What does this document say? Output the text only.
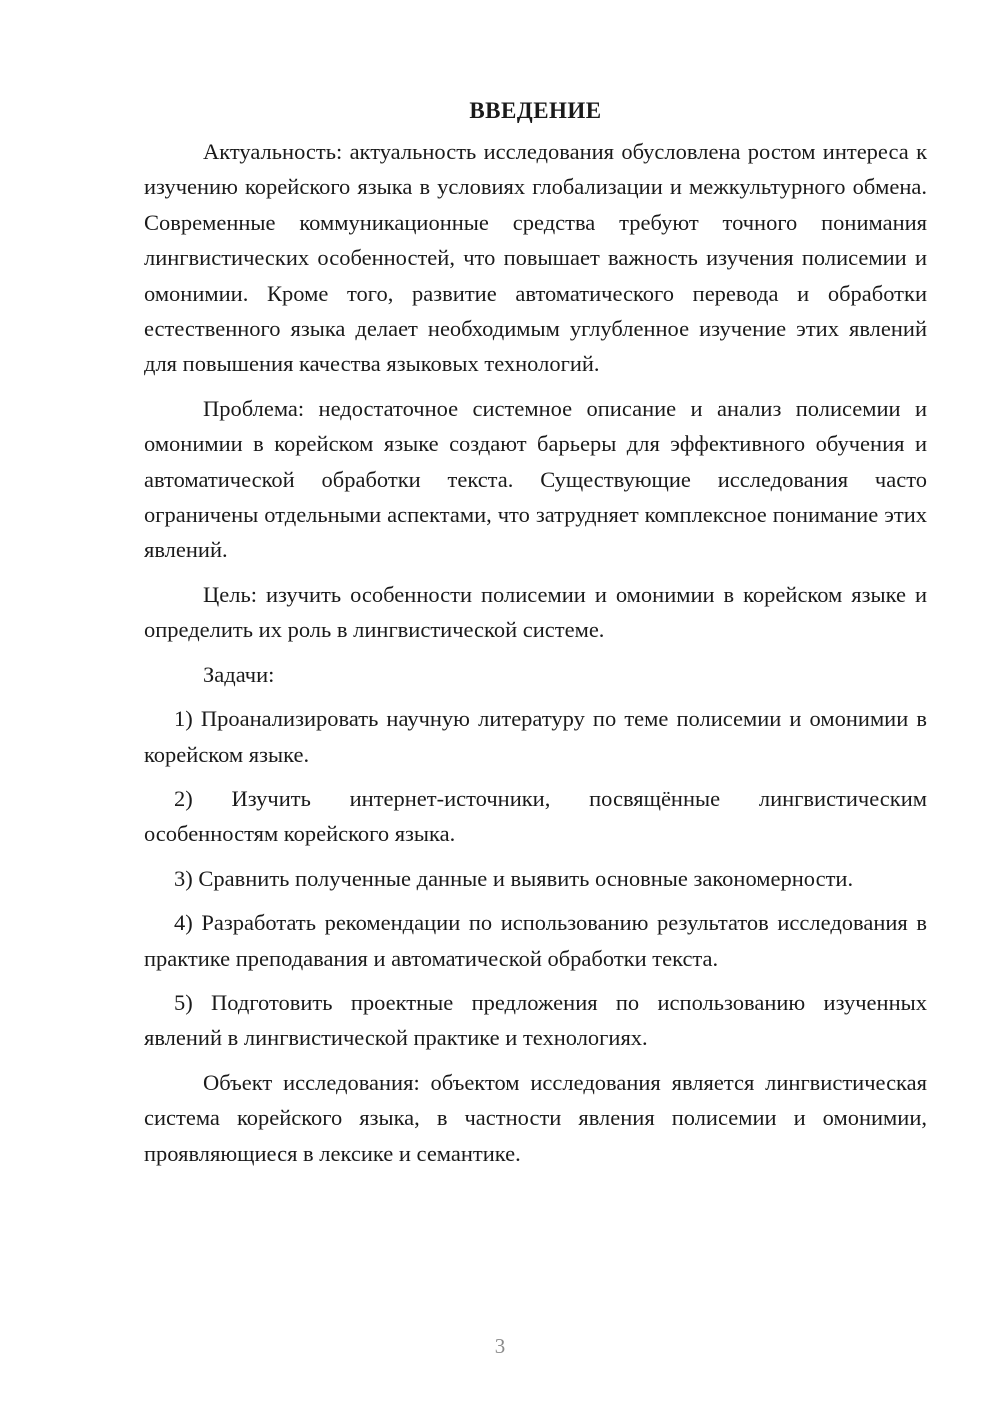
ВВЕДЕНИЕ

Актуальность: актуальность исследования обусловлена ростом интереса к изучению корейского языка в условиях глобализации и межкультурного обмена. Современные коммуникационные средства требуют точного понимания лингвистических особенностей, что повышает важность изучения полисемии и омонимии. Кроме того, развитие автоматического перевода и обработки естественного языка делает необходимым углубленное изучение этих явлений для повышения качества языковых технологий.

Проблема: недостаточное системное описание и анализ полисемии и омонимии в корейском языке создают барьеры для эффективного обучения и автоматической обработки текста. Существующие исследования часто ограничены отдельными аспектами, что затрудняет комплексное понимание этих явлений.

Цель: изучить особенности полисемии и омонимии в корейском языке и определить их роль в лингвистической системе.

Задачи:

1) Проанализировать научную литературу по теме полисемии и омонимии в корейском языке.

2) Изучить интернет-источники, посвящённые лингвистическим особенностям корейского языка.

3) Сравнить полученные данные и выявить основные закономерности.

4) Разработать рекомендации по использованию результатов исследования в практике преподавания и автоматической обработки текста.

5) Подготовить проектные предложения по использованию изученных явлений в лингвистической практике и технологиях.

Объект исследования: объектом исследования является лингвистическая система корейского языка, в частности явления полисемии и омонимии, проявляющиеся в лексике и семантике.

3
